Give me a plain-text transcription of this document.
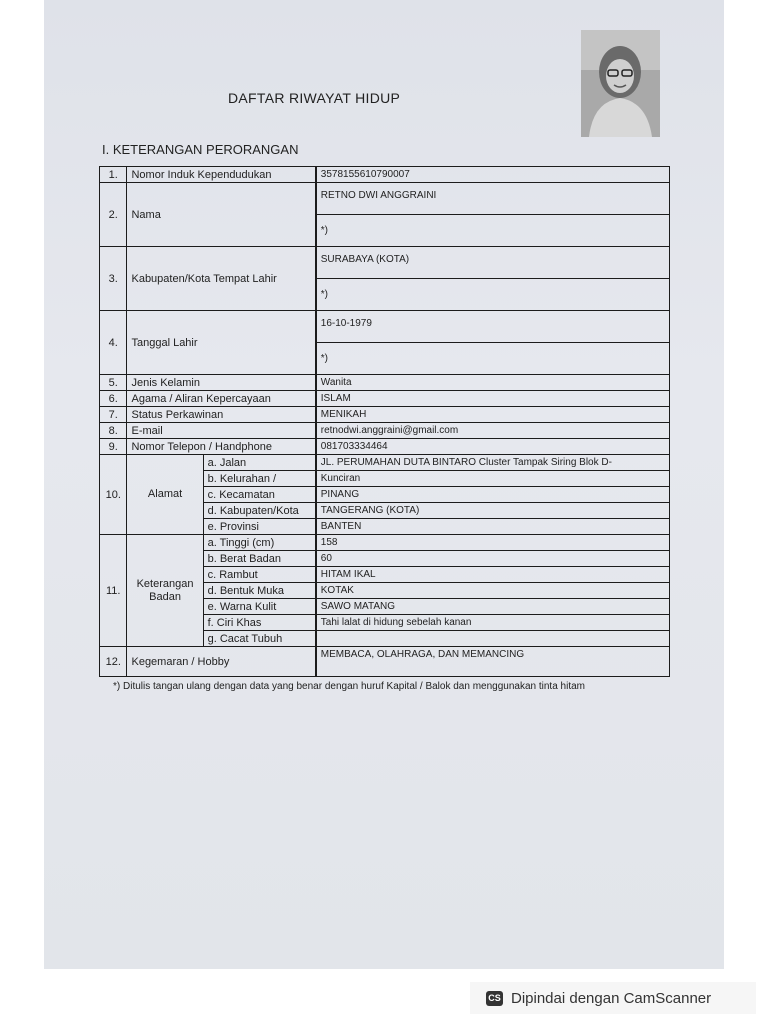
DAFTAR RIWAYAT HIDUP
I. KETERANGAN PERORANGAN
1.	Nomor Induk Kependudukan		3578155610790007
2.	Nama		RETNO DWI ANGGRAINI
			*)
3.	Kabupaten/Kota Tempat Lahir		SURABAYA (KOTA)
			*)
4.	Tanggal Lahir		16-10-1979
			*)
5.	Jenis Kelamin		Wanita
6.	Agama / Aliran Kepercayaan		ISLAM
7.	Status Perkawinan		MENIKAH
8.	E-mail		retnodwi.anggraini@gmail.com
9.	Nomor Telepon / Handphone		081703334464
10.	Alamat	a. Jalan		JL. PERUMAHAN DUTA BINTARO Cluster Tampak Siring Blok D-
		b. Kelurahan /		Kunciran
		c. Kecamatan		PINANG
		d. Kabupaten/Kota		TANGERANG (KOTA)
		e. Provinsi		BANTEN
11.	Keterangan Badan	a. Tinggi (cm)		158
		b. Berat Badan		60
		c. Rambut		HITAM IKAL
		d. Bentuk Muka		KOTAK
		e. Warna Kulit		SAWO MATANG
		f. Ciri Khas		Tahi lalat di hidung sebelah kanan
		g. Cacat Tubuh		
12.	Kegemaran / Hobby		MEMBACA, OLAHRAGA, DAN MEMANCING
*) Ditulis tangan ulang dengan data yang benar dengan huruf Kapital / Balok dan menggunakan tinta hitam
CS Dipindai dengan CamScanner
